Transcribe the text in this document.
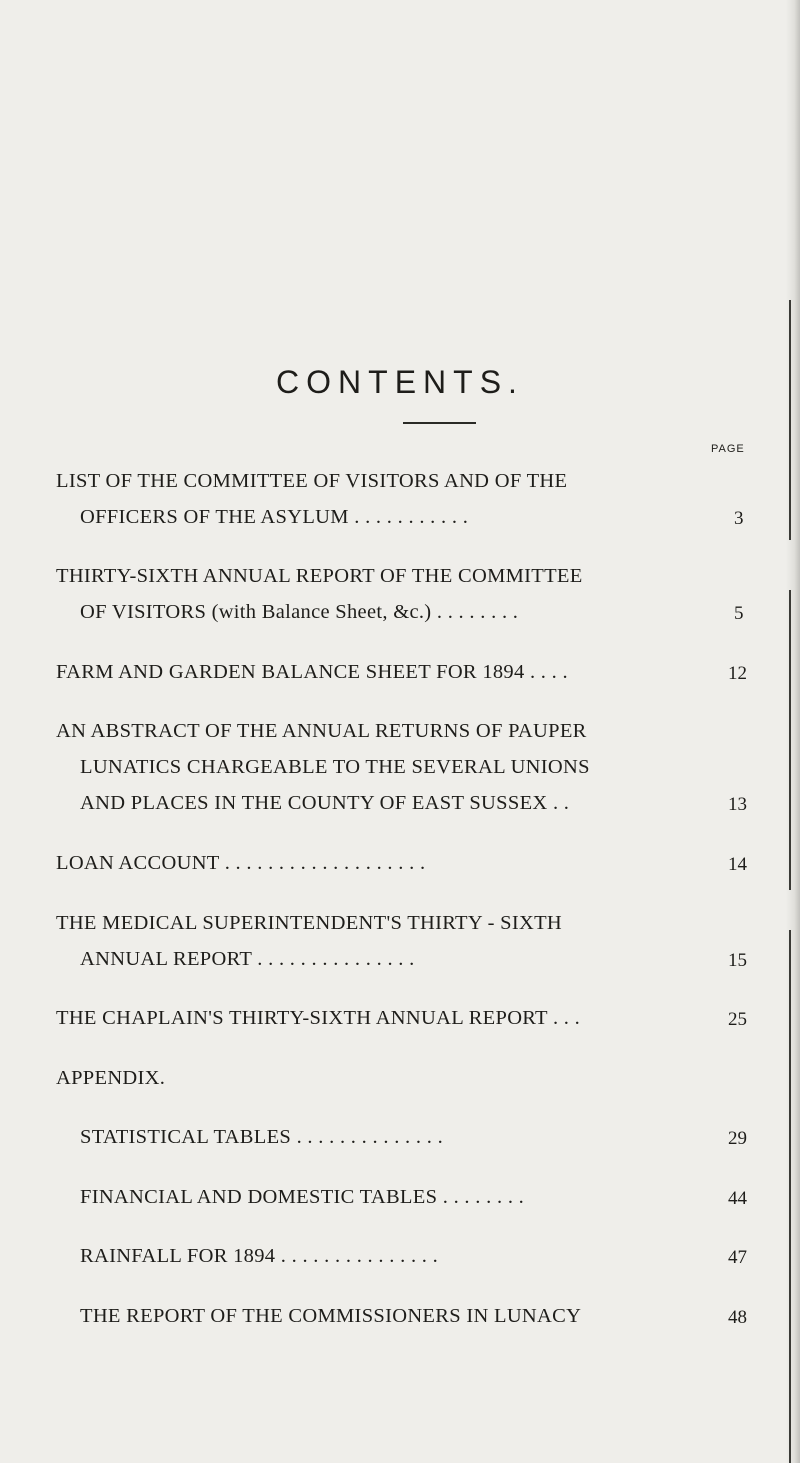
CONTENTS.
PAGE
LIST OF THE COMMITTEE OF VISITORS AND OF THE
OFFICERS OF THE ASYLUM . . . . . . . . . . .	3
THIRTY-SIXTH ANNUAL REPORT OF THE COMMITTEE
OF VISITORS (with Balance Sheet, &c.) . . . . . . . .	5
FARM AND GARDEN BALANCE SHEET FOR 1894 . . . .	12
AN ABSTRACT OF THE ANNUAL RETURNS OF PAUPER
LUNATICS CHARGEABLE TO THE SEVERAL UNIONS
AND PLACES IN THE COUNTY OF EAST SUSSEX . .	13
LOAN ACCOUNT . . . . . . . . . . . . . . . . . . .	14
THE MEDICAL SUPERINTENDENT'S THIRTY - SIXTH
ANNUAL REPORT . . . . . . . . . . . . . . .	15
THE CHAPLAIN'S THIRTY-SIXTH ANNUAL REPORT . . .	25
APPENDIX.
STATISTICAL TABLES . . . . . . . . . . . . . .	29
FINANCIAL AND DOMESTIC TABLES . . . . . . . .	44
RAINFALL FOR 1894 . . . . . . . . . . . . . . .	47
THE REPORT OF THE COMMISSIONERS IN LUNACY	48
